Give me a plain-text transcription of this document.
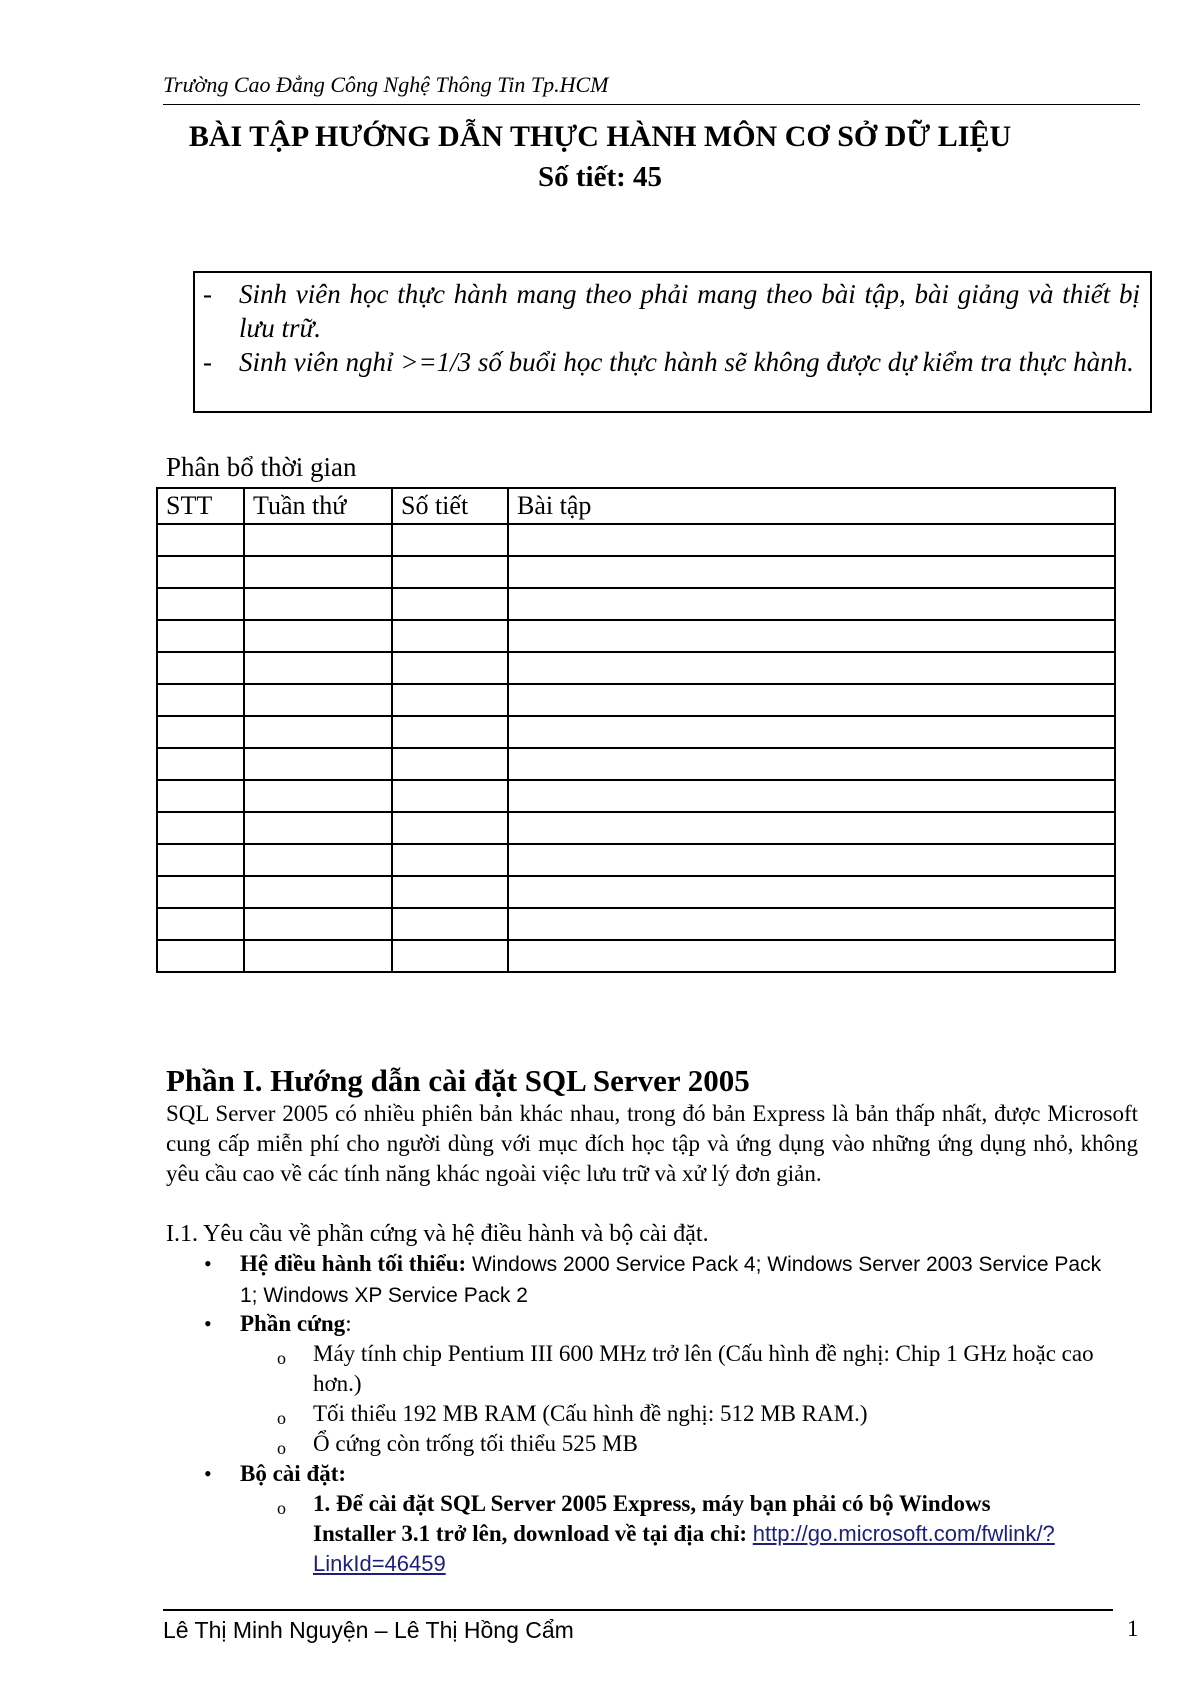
Trường Cao Đẳng Công Nghệ Thông Tin Tp.HCM
BÀI TẬP HƯỚNG DẪN THỰC HÀNH MÔN CƠ SỞ DỮ LIỆU
Số tiết: 45
- Sinh viên học thực hành mang theo phải mang theo bài tập, bài giảng và thiết bị lưu trữ.
- Sinh viên nghỉ >=1/3 số buổi học thực hành sẽ không được dự kiểm tra thực hành.
Phân bổ thời gian
STT	Tuần thứ	Số tiết	Bài tập

Phần I. Hướng dẫn cài đặt SQL Server 2005
SQL Server 2005 có nhiều phiên bản khác nhau, trong đó bản Express là bản thấp nhất, được Microsoft cung cấp miễn phí cho người dùng với mục đích học tập và ứng dụng vào những ứng dụng nhỏ, không yêu cầu cao về các tính năng khác ngoài việc lưu trữ và xử lý đơn giản.
I.1. Yêu cầu về phần cứng và hệ điều hành và bộ cài đặt.
• Hệ điều hành tối thiểu: Windows 2000 Service Pack 4; Windows Server 2003 Service Pack 1; Windows XP Service Pack 2
• Phần cứng:
o Máy tính chip Pentium III 600 MHz trở lên (Cấu hình đề nghị: Chip 1 GHz hoặc cao hơn.)
o Tối thiểu 192 MB RAM (Cấu hình đề nghị: 512 MB RAM.)
o Ổ cứng còn trống tối thiểu 525 MB
• Bộ cài đặt:
o 1. Để cài đặt SQL Server 2005 Express, máy bạn phải có bộ Windows Installer 3.1 trở lên, download về tại địa chỉ: http://go.microsoft.com/fwlink/?LinkId=46459
Lê Thị Minh Nguyện – Lê Thị Hồng Cẩm	1
